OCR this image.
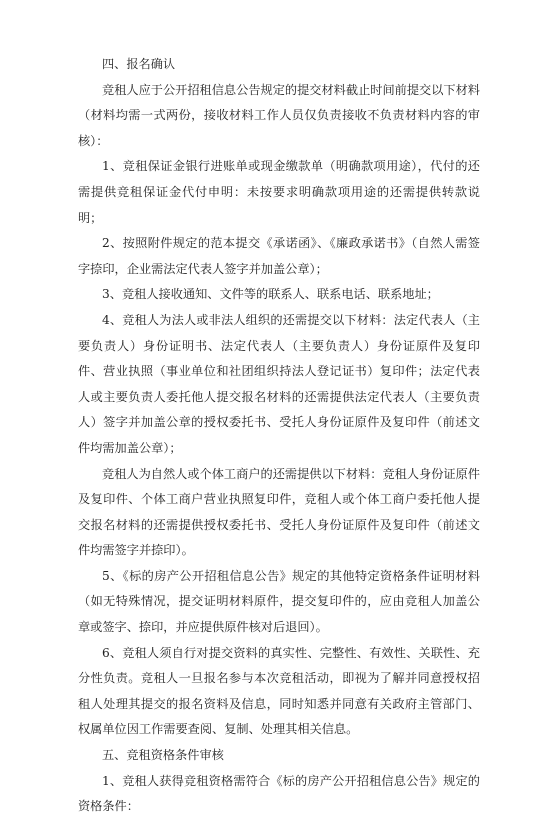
四、报名确认

竞租人应于公开招租信息公告规定的提交材料截止时间前提交以下材料（材料均需一式两份，接收材料工作人员仅负责接收不负责材料内容的审核）：

1、竞租保证金银行进账单或现金缴款单（明确款项用途），代付的还需提供竞租保证金代付申明：未按要求明确款项用途的还需提供转款说明；

2、按照附件规定的范本提交《承诺函》、《廉政承诺书》（自然人需签字捺印，企业需法定代表人签字并加盖公章）；

3、竞租人接收通知、文件等的联系人、联系电话、联系地址；

4、竞租人为法人或非法人组织的还需提交以下材料：法定代表人（主要负责人）身份证明书、法定代表人（主要负责人）身份证原件及复印件、营业执照（事业单位和社团组织持法人登记证书）复印件；法定代表人或主要负责人委托他人提交报名材料的还需提供法定代表人（主要负责人）签字并加盖公章的授权委托书、受托人身份证原件及复印件（前述文件均需加盖公章）；

竞租人为自然人或个体工商户的还需提供以下材料：竞租人身份证原件及复印件、个体工商户营业执照复印件，竞租人或个体工商户委托他人提交报名材料的还需提供授权委托书、受托人身份证原件及复印件（前述文件均需签字并捺印）。

5、《标的房产公开招租信息公告》规定的其他特定资格条件证明材料（如无特殊情况，提交证明材料原件，提交复印件的，应由竞租人加盖公章或签字、捺印，并应提供原件核对后退回）。

6、竞租人须自行对提交资料的真实性、完整性、有效性、关联性、充分性负责。竞租人一旦报名参与本次竞租活动，即视为了解并同意授权招租人处理其提交的报名资料及信息，同时知悉并同意有关政府主管部门、权属单位因工作需要查阅、复制、处理其相关信息。

五、竞租资格条件审核

1、竞租人获得竞租资格需符合《标的房产公开招租信息公告》规定的资格条件：
